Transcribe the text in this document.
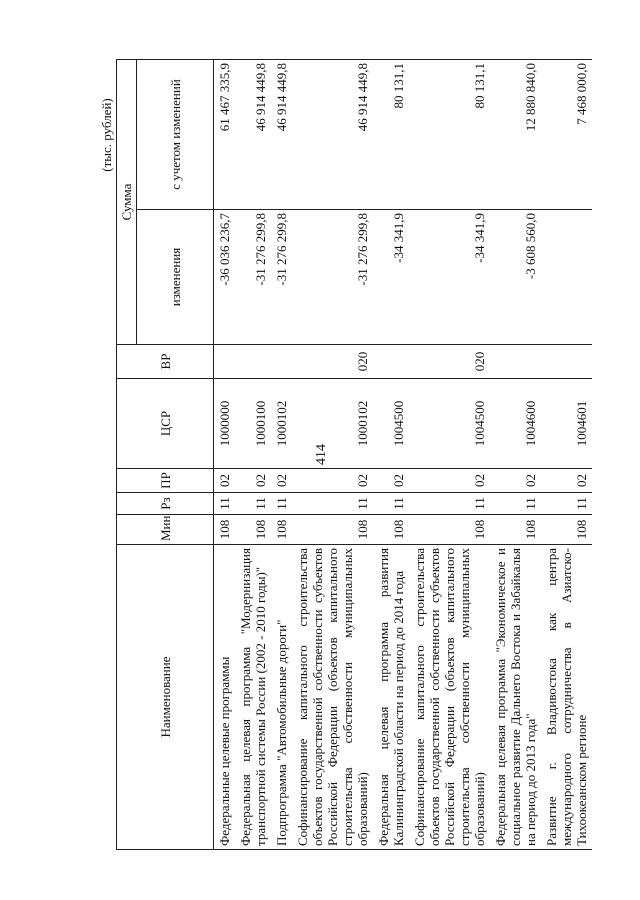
414
(тыс. рублей)
Наименование	Мин	Рз	ПР	ЦСР	ВР	Сумма	
						изменения	с учетом изменений
Федеральные целевые программы	108	11	02	1000000		-36 036 236,7	61 467 335,9
Федеральная целевая программа "Модернизация транспортной системы России (2002 - 2010 годы)"	108	11	02	1000100		-31 276 299,8	46 914 449,8
Подпрограмма "Автомобильные дороги"	108	11	02	1000102		-31 276 299,8	46 914 449,8
Софинансирование капитального строительства объектов государственной собственности субъектов Российской Федерации (объектов капитального строительства собственности муниципальных образований)	108	11	02	1000102	020	-31 276 299,8	46 914 449,8
Федеральная целевая программа развития Калининградской области на период до 2014 года	108	11	02	1004500		-34 341,9	80 131,1
Софинансирование капитального строительства объектов государственной собственности субъектов Российской Федерации (объектов капитального строительства собственности муниципальных образований)	108	11	02	1004500	020	-34 341,9	80 131,1
Федеральная целевая программа "Экономическое и социальное развитие Дальнего Востока и Забайкалья на период до 2013 года"	108	11	02	1004600		-3 608 560,0	12 880 840,0
Развитие г. Владивостока как центра международного сотрудничества в Азиатско-Тихоокеанском регионе	108	11	02	1004601			7 468 000,0
